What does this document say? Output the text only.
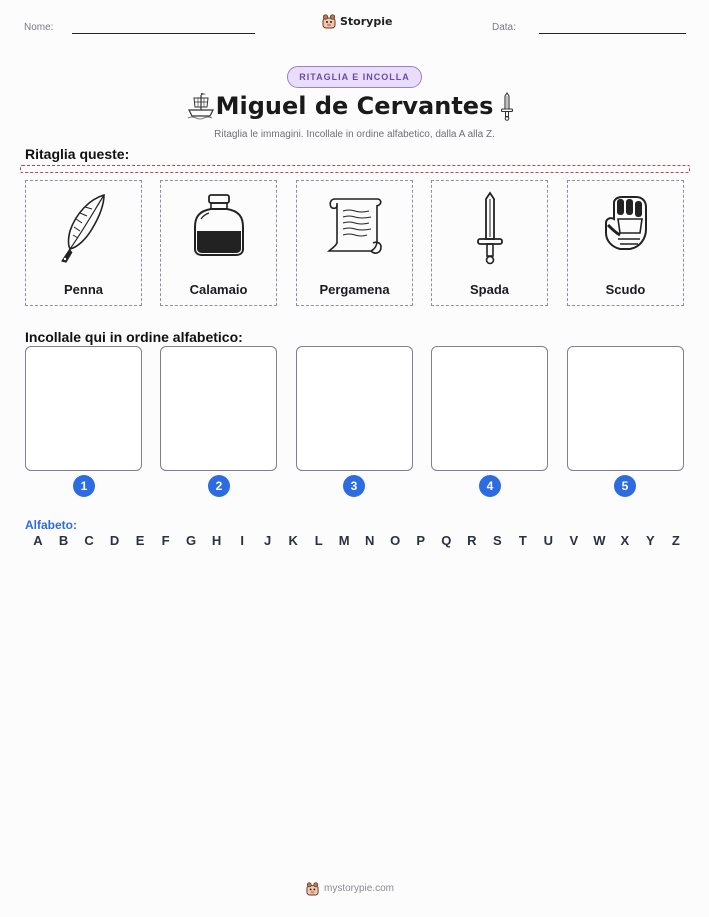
Nome:	Storypie	Data:
RITAGLIA E INCOLLA
Miguel de Cervantes
Ritaglia le immagini. Incollale in ordine alfabetico, dalla A alla Z.
Ritaglia queste:
Penna	Calamaio	Pergamena	Spada	Scudo
Incollale qui in ordine alfabetico:
1	2	3	4	5
Alfabeto:
A B C D E F G H	I	J K L M N O P Q R S T U V W X Y Z
mystorypie.com
